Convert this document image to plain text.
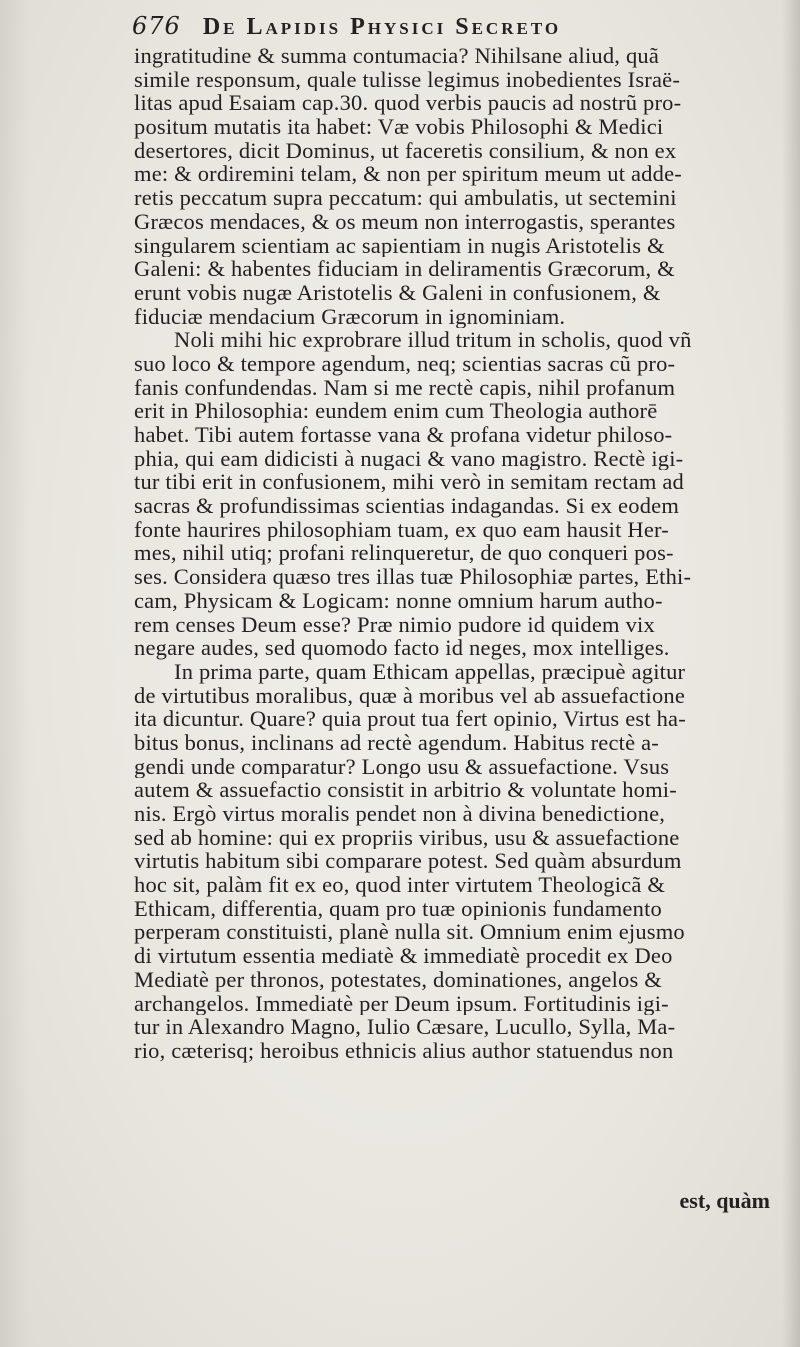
676 De Lapidis Physici Secreto
ingratitudine & summa contumacia? Nihilsane aliud, quã
simile responsum, quale tulisse legimus inobedientes Israë-
litas apud Esaiam cap.30. quod verbis paucis ad nostrũ pro-
positum mutatis ita habet: Væ vobis Philosophi & Medici
desertores, dicit Dominus, ut faceretis consilium, & non ex
me: & ordiremini telam, & non per spiritum meum ut adde-
retis peccatum supra peccatum: qui ambulatis, ut sectemini
Græcos mendaces, & os meum non interrogastis, sperantes
singularem scientiam ac sapientiam in nugis Aristotelis &
Galeni: & habentes fiduciam in deliramentis Græcorum, &
erunt vobis nugæ Aristotelis & Galeni in confusionem, &
fiduciæ mendacium Græcorum in ignominiam.
Noli mihi hic exprobrare illud tritum in scholis, quod vñ
suo loco & tempore agendum, neq; scientias sacras cũ pro-
fanis confundendas. Nam si me rectè capis, nihil profanum
erit in Philosophia: eundem enim cum Theologia authorē
habet. Tibi autem fortasse vana & profana videtur philoso-
phia, qui eam didicisti à nugaci & vano magistro. Rectè igi-
tur tibi erit in confusionem, mihi verò in semitam rectam ad
sacras & profundissimas scientias indagandas. Si ex eodem
fonte haurires philosophiam tuam, ex quo eam hausit Her-
mes, nihil utiq; profani relinqueretur, de quo conqueri pos-
ses. Considera quæso tres illas tuæ Philosophiæ partes, Ethi-
cam, Physicam & Logicam: nonne omnium harum autho-
rem censes Deum esse? Præ nimio pudore id quidem vix
negare audes, sed quomodo facto id neges, mox intelliges.
In prima parte, quam Ethicam appellas, præcipuè agitur
de virtutibus moralibus, quæ à moribus vel ab assuefactione
ita dicuntur. Quare? quia prout tua fert opinio, Virtus est ha-
bitus bonus, inclinans ad rectè agendum. Habitus rectè a-
gendi unde comparatur? Longo usu & assuefactione. Vsus
autem & assuefactio consistit in arbitrio & voluntate homi-
nis. Ergò virtus moralis pendet non à divina benedictione,
sed ab homine: qui ex propriis viribus, usu & assuefactione
virtutis habitum sibi comparare potest. Sed quàm absurdum
hoc sit, palàm fit ex eo, quod inter virtutem Theologicã &
Ethicam, differentia, quam pro tuæ opinionis fundamento
perperam constituisti, planè nulla sit. Omnium enim ejusmo
di virtutum essentia mediatè & immediatè procedit ex Deo
Mediatè per thronos, potestates, dominationes, angelos &
archangelos. Immediatè per Deum ipsum. Fortitudinis igi-
tur in Alexandro Magno, Iulio Cæsare, Lucullo, Sylla, Ma-
rio, cæterisq; heroibus ethnicis alius author statuendus non
est, quàm
